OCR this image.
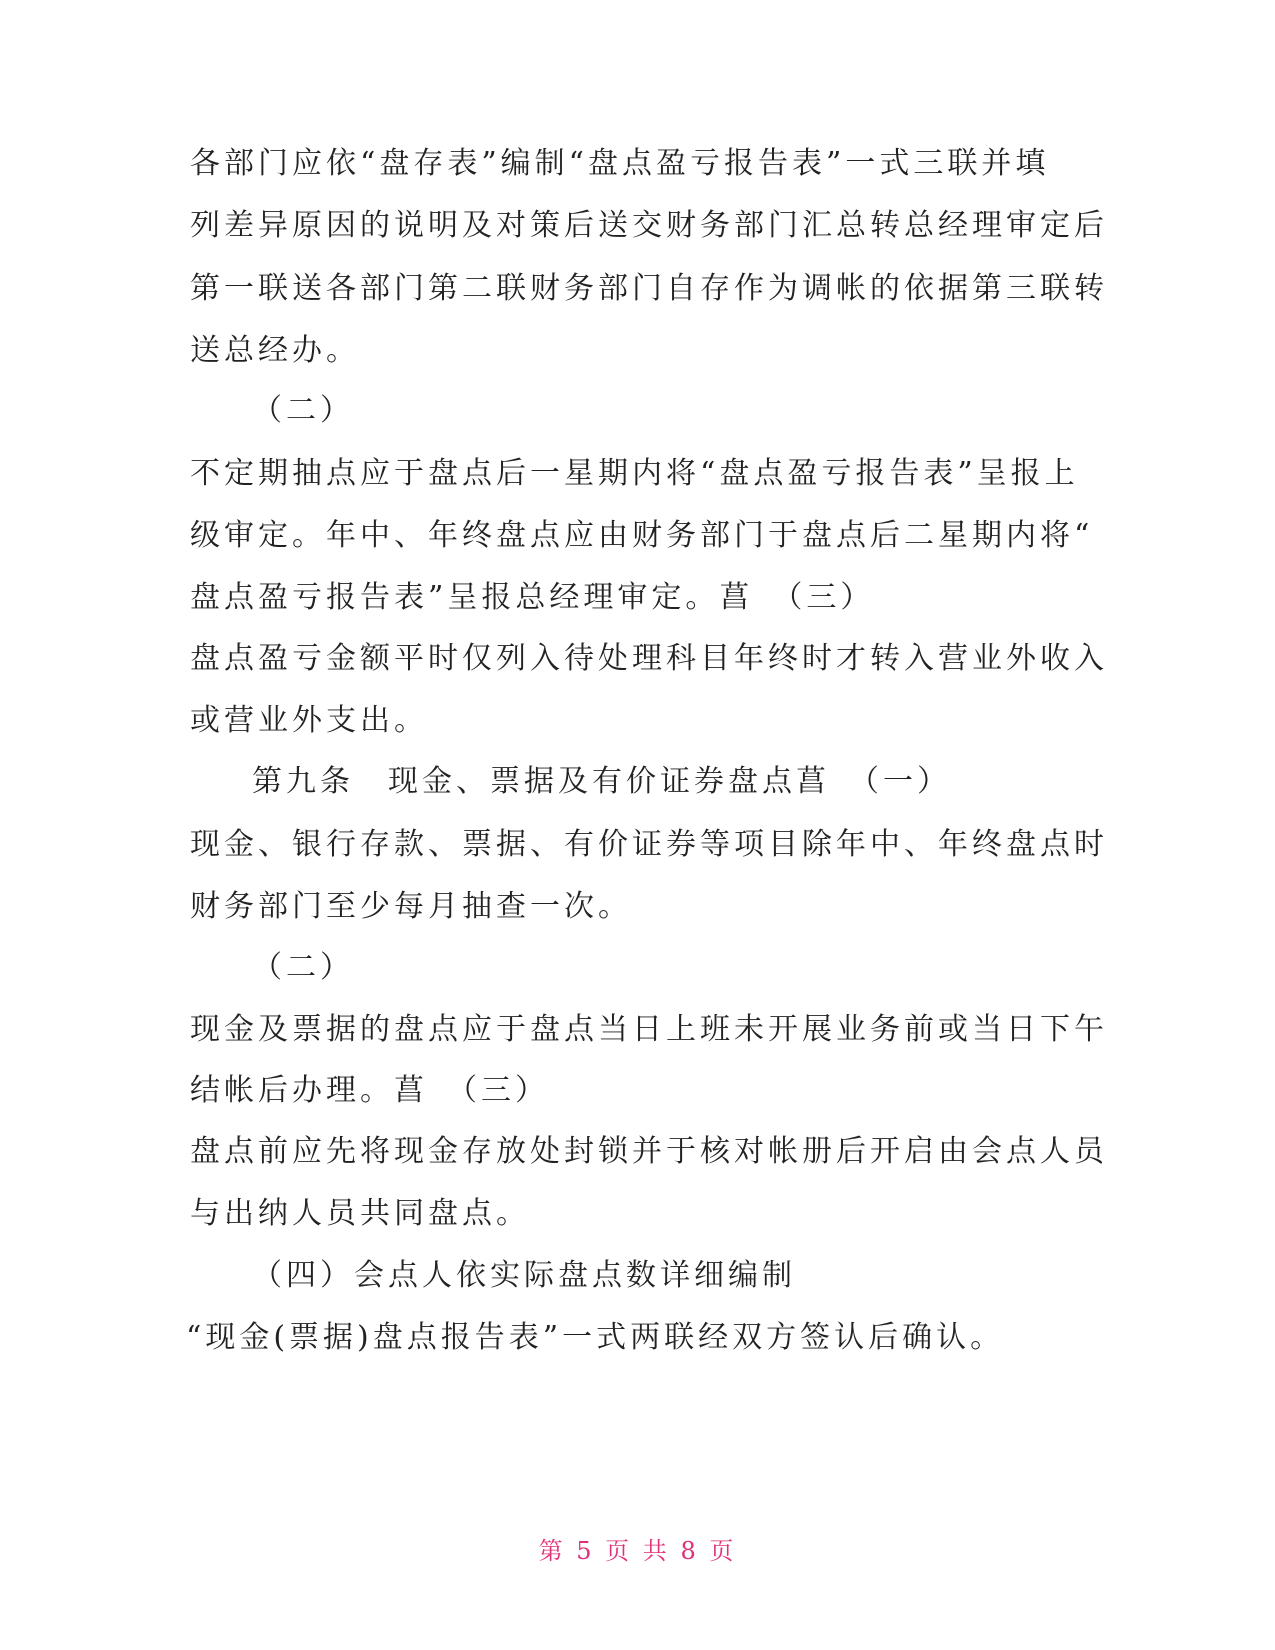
各部门应依“盘存表”编制“盘点盈亏报告表”一式三联并填
列差异原因的说明及对策后送交财务部门汇总转总经理审定后
第一联送各部门第二联财务部门自存作为调帐的依据第三联转
送总经办。
（二）
不定期抽点应于盘点后一星期内将“盘点盈亏报告表”呈报上
级审定。年中、年终盘点应由财务部门于盘点后二星期内将“
盘点盈亏报告表”呈报总经理审定。菖　（三）
盘点盈亏金额平时仅列入待处理科目年终时才转入营业外收入
或营业外支出。
第九条　现金、票据及有价证券盘点菖　（一）
现金、银行存款、票据、有价证券等项目除年中、年终盘点时
财务部门至少每月抽查一次。
（二）
现金及票据的盘点应于盘点当日上班未开展业务前或当日下午
结帐后办理。菖　（三）
盘点前应先将现金存放处封锁并于核对帐册后开启由会点人员
与出纳人员共同盘点。
（四）会点人依实际盘点数详细编制
“现金(票据)盘点报告表”一式两联经双方签认后确认。
第 5 页 共 8 页
